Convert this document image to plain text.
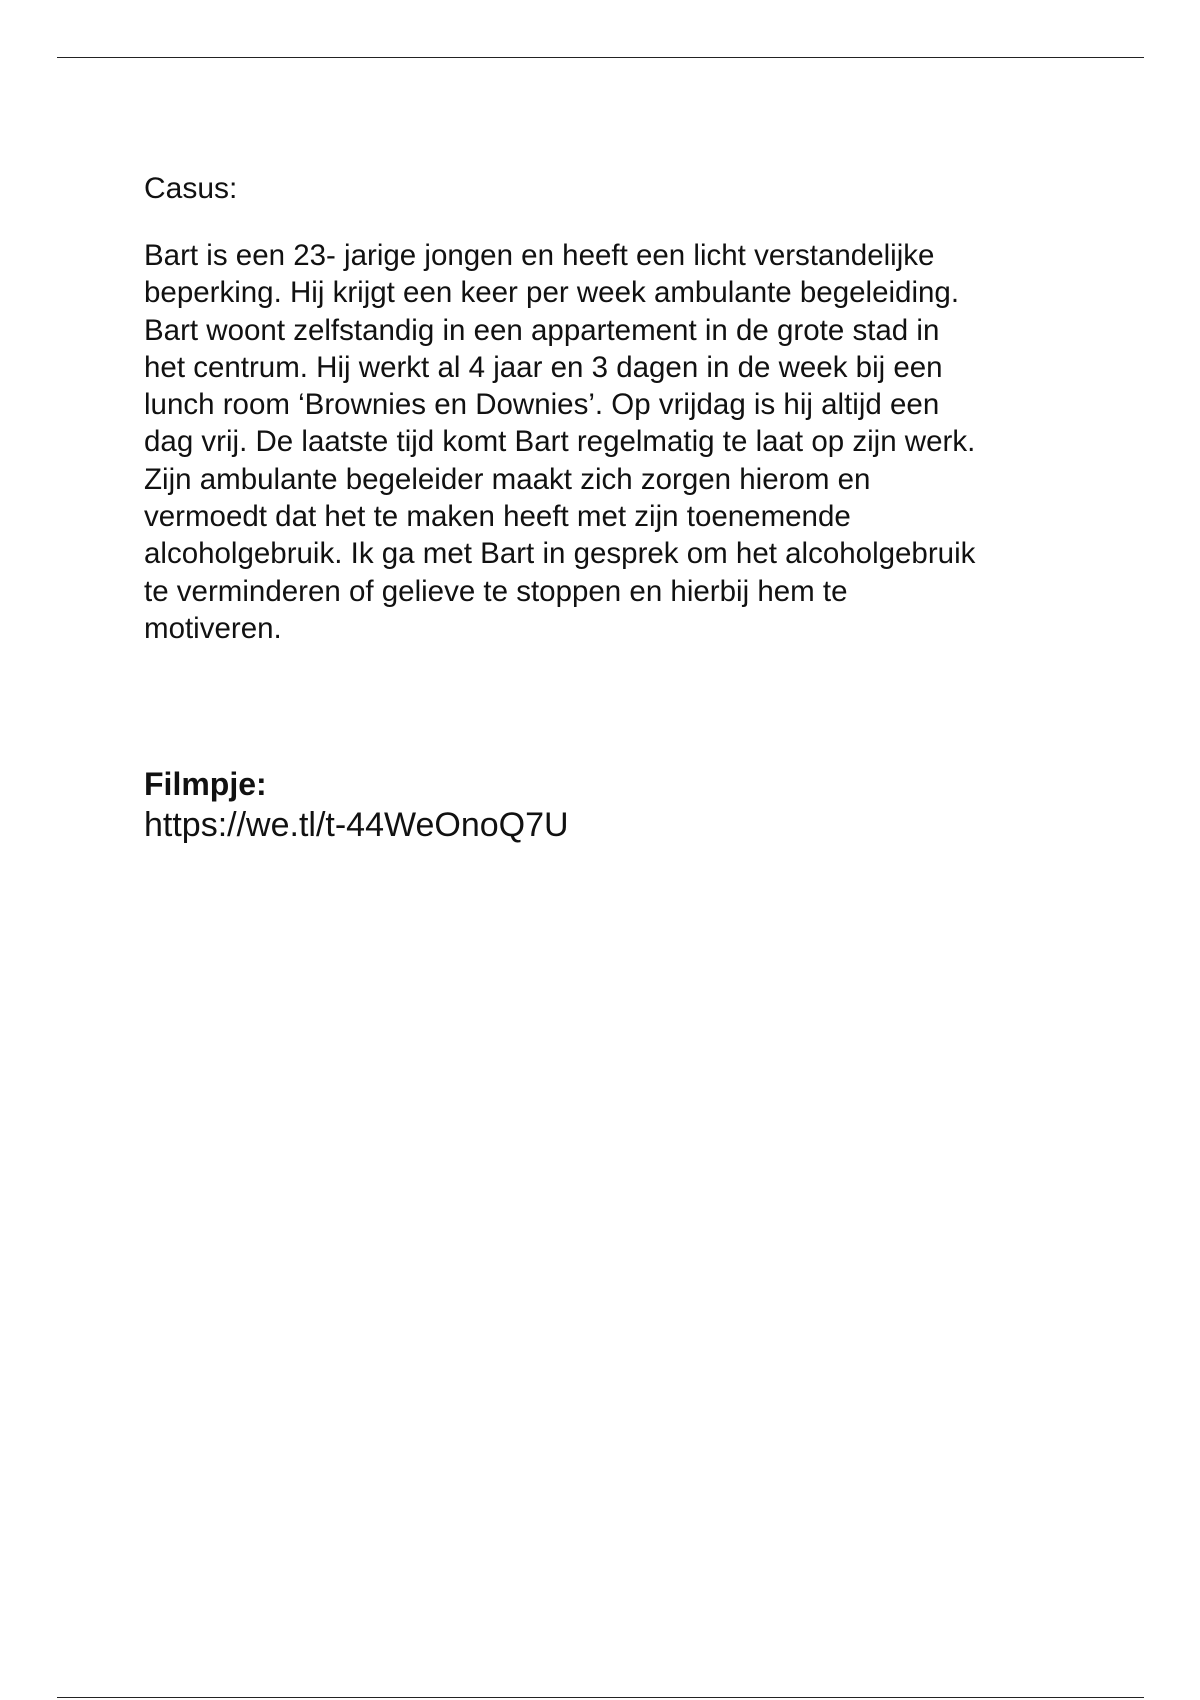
Casus:

Bart is een 23- jarige jongen en heeft een licht verstandelijke
beperking. Hij krijgt een keer per week ambulante begeleiding.
Bart woont zelfstandig in een appartement in de grote stad in
het centrum. Hij werkt al 4 jaar en 3 dagen in de week bij een
lunch room ‘Brownies en Downies’. Op vrijdag is hij altijd een
dag vrij. De laatste tijd komt Bart regelmatig te laat op zijn werk.
Zijn ambulante begeleider maakt zich zorgen hierom en
vermoedt dat het te maken heeft met zijn toenemende
alcoholgebruik. Ik ga met Bart in gesprek om het alcoholgebruik
te verminderen of gelieve te stoppen en hierbij hem te
motiveren.

Filmpje:

https://we.tl/t-44WeOnoQ7U
